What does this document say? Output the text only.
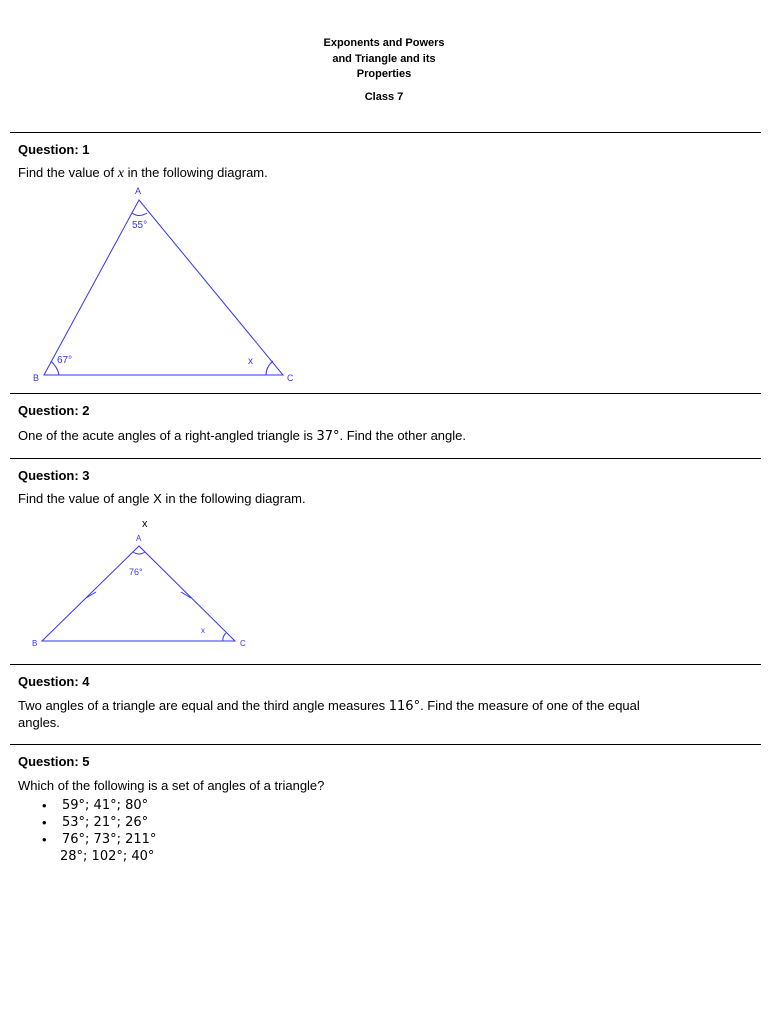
Exponents and Powers
and Triangle and its
Properties
Class 7
Question: 1
Find the value of x in the following diagram.
A
B	C
55°
67°	x
Question: 2
One of the acute angles of a right-angled triangle is 37°. Find the other angle.
Question: 3
Find the value of angle X in the following diagram.
x
A
B	C
76°
x
Question: 4
Two angles of a triangle are equal and the third angle measures 116°. Find the measure of one of the equal
angles.
Question: 5
Which of the following is a set of angles of a triangle?
• 59°; 41°; 80°
• 53°; 21°; 26°
• 76°; 73°; 211°
28°; 102°; 40°
